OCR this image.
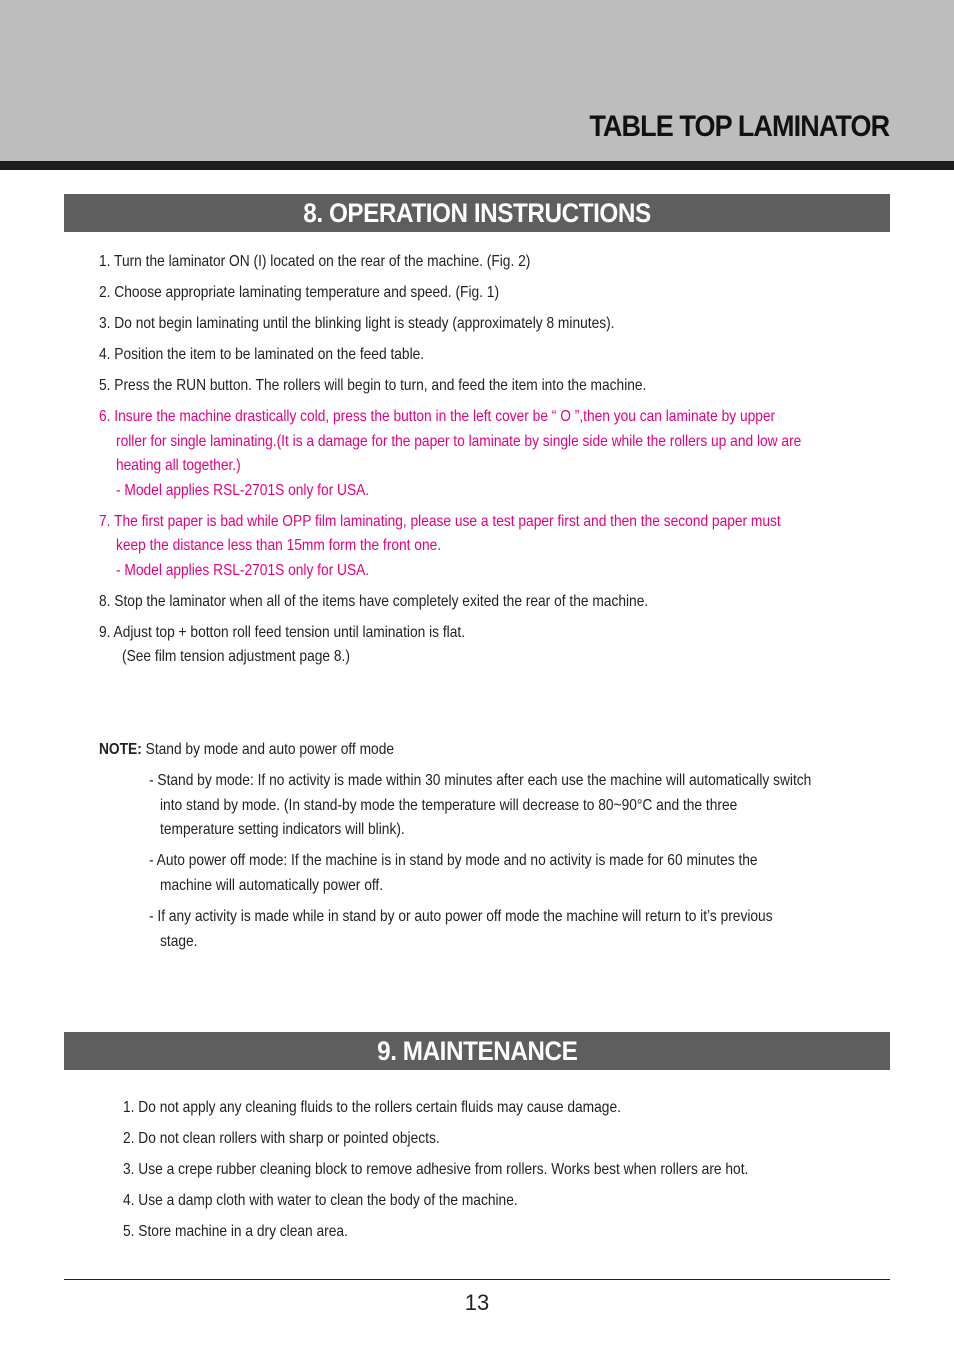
TABLE TOP LAMINATOR
8. OPERATION INSTRUCTIONS
1. Turn the laminator ON (I) located on the rear of the machine. (Fig. 2)
2. Choose appropriate laminating temperature and speed. (Fig. 1)
3. Do not begin laminating until the blinking light is steady (approximately 8 minutes).
4. Position the item to be laminated on the feed table.
5. Press the RUN button. The rollers will begin to turn, and feed the item into the machine.
6. Insure the machine drastically cold, press the button in the left cover be “ O ”,then you can laminate by upper
roller for single laminating.(It is a damage for the paper to laminate by single side while the rollers up and low are
heating all together.)
- Model applies RSL-2701S only for USA.
7. The first paper is bad while OPP film laminating, please use a test paper first and then the second paper must
keep the distance less than 15mm form the front one.
- Model applies RSL-2701S only for USA.
8. Stop the laminator when all of the items have completely exited the rear of the machine.
9. Adjust top + botton roll feed tension until lamination is flat.
(See film tension adjustment page 8.)
NOTE: Stand by mode and auto power off mode
- Stand by mode: If no activity is made within 30 minutes after each use the machine will automatically switch
into stand by mode. (In stand-by mode the temperature will decrease to 80~90°C and the three
temperature setting indicators will blink).
- Auto power off mode: If the machine is in stand by mode and no activity is made for 60 minutes the
machine will automatically power off.
- If any activity is made while in stand by or auto power off mode the machine will return to it’s previous
stage.
9. MAINTENANCE
1. Do not apply any cleaning fluids to the rollers certain fluids may cause damage.
2. Do not clean rollers with sharp or pointed objects.
3. Use a crepe rubber cleaning block to remove adhesive from rollers. Works best when rollers are hot.
4. Use a damp cloth with water to clean the body of the machine.
5. Store machine in a dry clean area.
13
